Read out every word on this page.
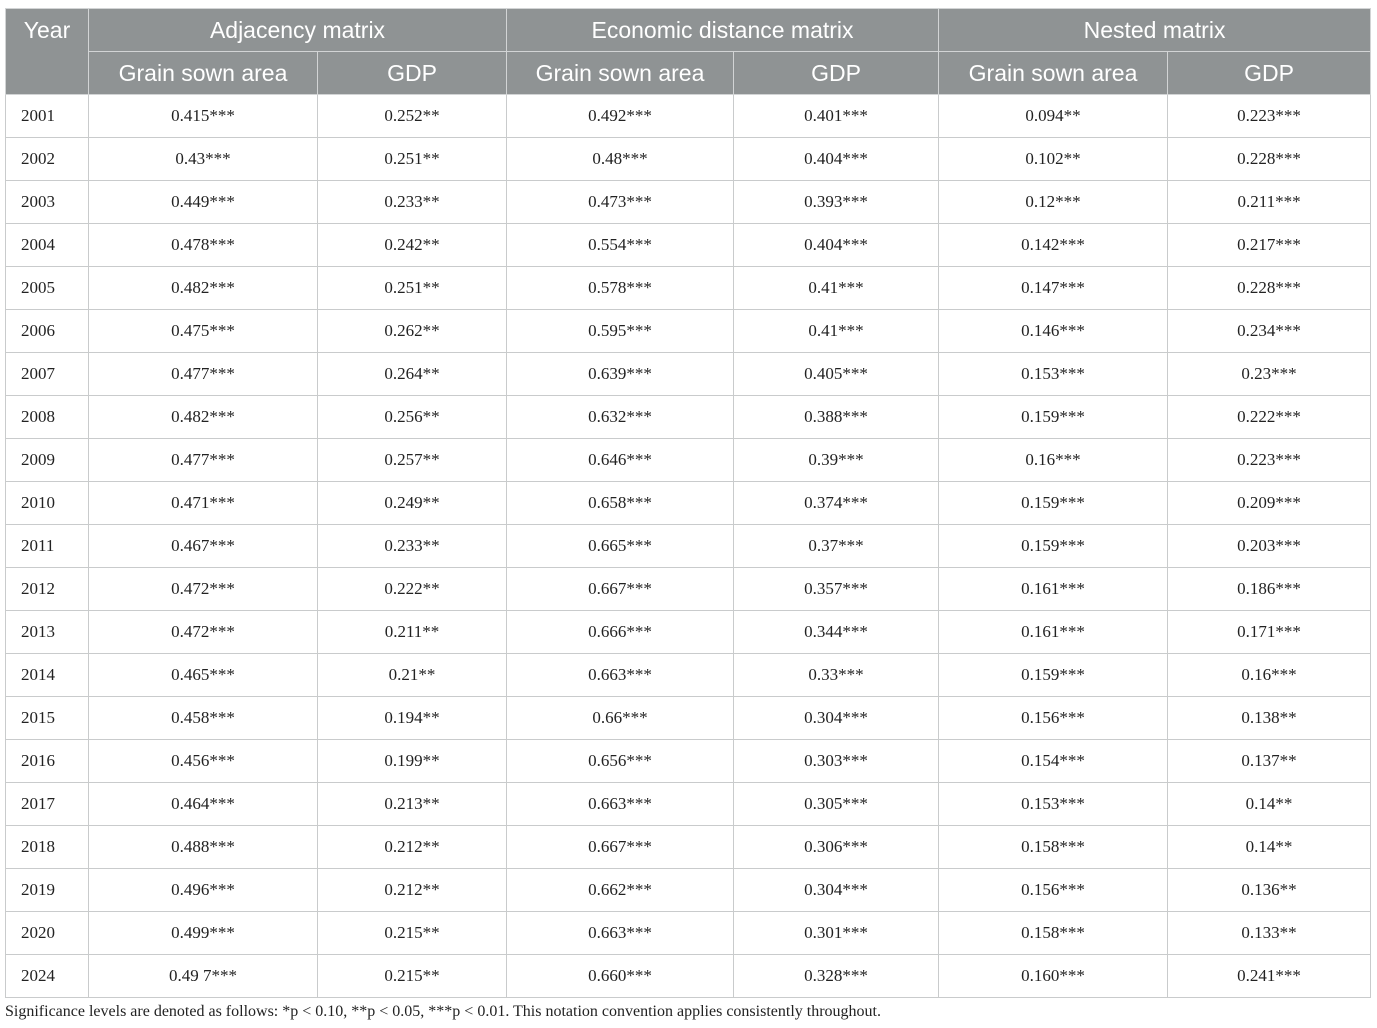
Year	Adjacency matrix		Economic distance matrix		Nested matrix	
	Grain sown area	GDP	Grain sown area	GDP	Grain sown area	GDP
2001	0.415***	0.252**	0.492***	0.401***	0.094**	0.223***
2002	0.43***	0.251**	0.48***	0.404***	0.102**	0.228***
2003	0.449***	0.233**	0.473***	0.393***	0.12***	0.211***
2004	0.478***	0.242**	0.554***	0.404***	0.142***	0.217***
2005	0.482***	0.251**	0.578***	0.41***	0.147***	0.228***
2006	0.475***	0.262**	0.595***	0.41***	0.146***	0.234***
2007	0.477***	0.264**	0.639***	0.405***	0.153***	0.23***
2008	0.482***	0.256**	0.632***	0.388***	0.159***	0.222***
2009	0.477***	0.257**	0.646***	0.39***	0.16***	0.223***
2010	0.471***	0.249**	0.658***	0.374***	0.159***	0.209***
2011	0.467***	0.233**	0.665***	0.37***	0.159***	0.203***
2012	0.472***	0.222**	0.667***	0.357***	0.161***	0.186***
2013	0.472***	0.211**	0.666***	0.344***	0.161***	0.171***
2014	0.465***	0.21**	0.663***	0.33***	0.159***	0.16***
2015	0.458***	0.194**	0.66***	0.304***	0.156***	0.138**
2016	0.456***	0.199**	0.656***	0.303***	0.154***	0.137**
2017	0.464***	0.213**	0.663***	0.305***	0.153***	0.14**
2018	0.488***	0.212**	0.667***	0.306***	0.158***	0.14**
2019	0.496***	0.212**	0.662***	0.304***	0.156***	0.136**
2020	0.499***	0.215**	0.663***	0.301***	0.158***	0.133**
2024	0.49 7***	0.215**	0.660***	0.328***	0.160***	0.241***
Significance levels are denoted as follows: *p < 0.10, **p < 0.05, ***p < 0.01. This notation convention applies consistently throughout.
